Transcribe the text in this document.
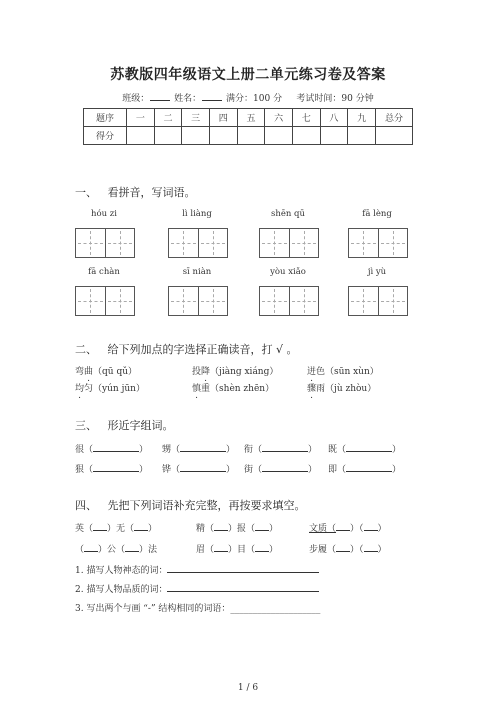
苏教版四年级语文上册二单元练习卷及答案
班级：	姓名：	满分：100 分 考试时间：90 分钟
题序	一	二	三	四	五	六	七	八	九	总分
得分										
一、 看拼音，写词语。
hóu zi	lì liàng	shēn qū	fā lèng
fā chàn	sī niàn	yòu xiǎo	jì yù
二、 给下列加点的字选择正确读音，打 √ 。
弯曲（qū qǔ）	投降（jiàng xiáng）	迸色（sūn xùn）
均匀（yún jūn）	慎重（shèn zhēn）	骤雨（jù zhòu）
三、 形近字组词。
很（	） 甥（	） 衔（	） 既（	）
狠（	） 铧（	） 街（	） 即（	）
四、 先把下列词语补充完整，再按要求填空。
英（ ）无（ ）	精（ ）报（ ）	文质（ ）（ ）
（ ）公（ ）法	眉（ ）目（ ）	步履（ ）（ ）
1. 描写人物神态的词：
2. 描写人物品质的词：
3. 写出两个与画 “-” 结构相同的词语：____________________
1 / 6
